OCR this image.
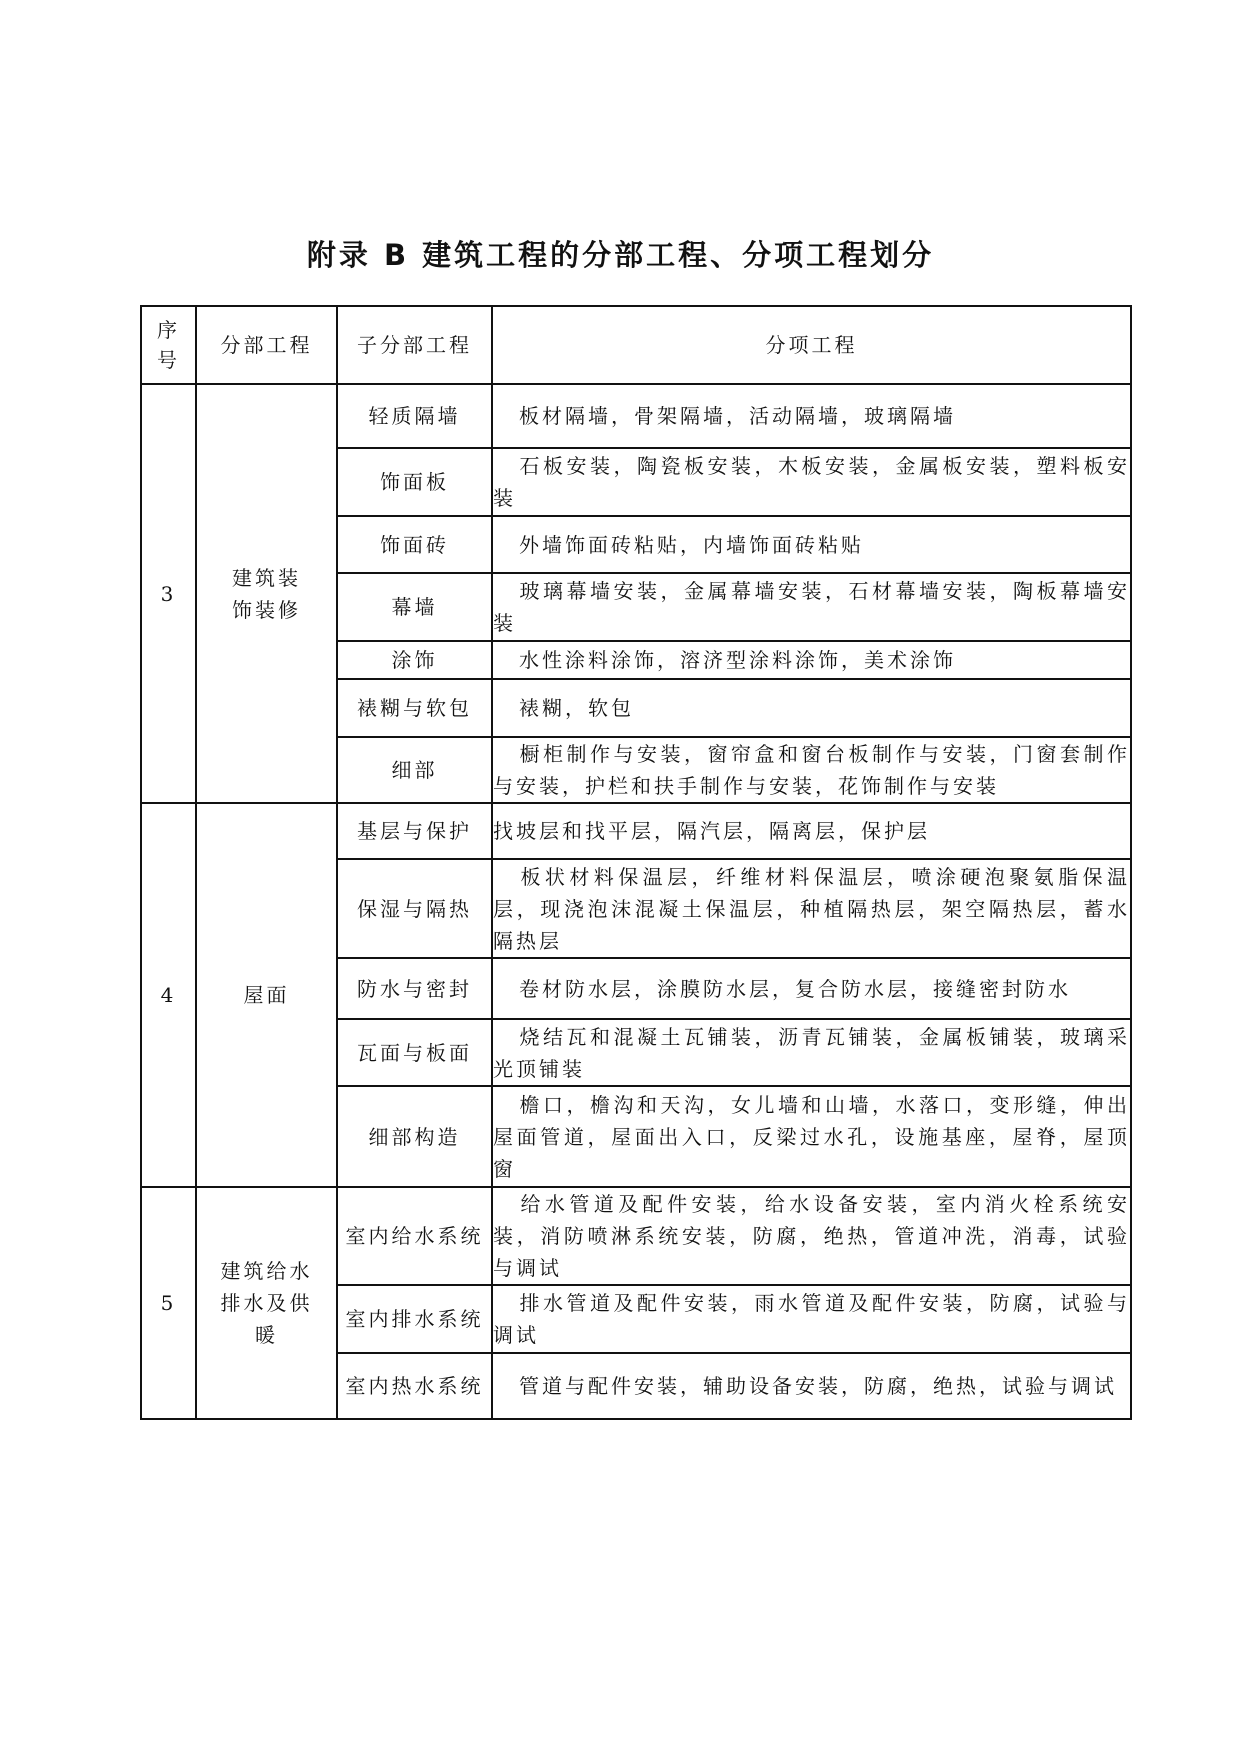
附录 B 建筑工程的分部工程、分项工程划分
序号	分部工程	子分部工程	分项工程
3	建筑装饰装修	轻质隔墙	板材隔墙，骨架隔墙，活动隔墙，玻璃隔墙
		饰面板	石板安装，陶瓷板安装，木板安装，金属板安装，塑料板安装
		饰面砖	外墙饰面砖粘贴，内墙饰面砖粘贴
		幕墙	玻璃幕墙安装，金属幕墙安装，石材幕墙安装，陶板幕墙安装
		涂饰	水性涂料涂饰，溶济型涂料涂饰，美术涂饰
		裱糊与软包	裱糊，软包
		细部	橱柜制作与安装，窗帘盒和窗台板制作与安装，门窗套制作与安装，护栏和扶手制作与安装，花饰制作与安装
4	屋面	基层与保护	找坡层和找平层，隔汽层，隔离层，保护层
		保湿与隔热	板状材料保温层，纤维材料保温层，喷涂硬泡聚氨脂保温层，现浇泡沫混凝土保温层，种植隔热层，架空隔热层，蓄水隔热层
		防水与密封	卷材防水层，涂膜防水层，复合防水层，接缝密封防水
		瓦面与板面	烧结瓦和混凝土瓦铺装，沥青瓦铺装，金属板铺装，玻璃采光顶铺装
		细部构造	檐口，檐沟和天沟，女儿墙和山墙，水落口，变形缝，伸出屋面管道，屋面出入口，反梁过水孔，设施基座，屋脊，屋顶窗
5	建筑给水排水及供暖	室内给水系统	给水管道及配件安装，给水设备安装，室内消火栓系统安装，消防喷淋系统安装，防腐，绝热，管道冲洗，消毒，试验与调试
		室内排水系统	排水管道及配件安装，雨水管道及配件安装，防腐，试验与调试
		室内热水系统	管道与配件安装，辅助设备安装，防腐，绝热，试验与调试
